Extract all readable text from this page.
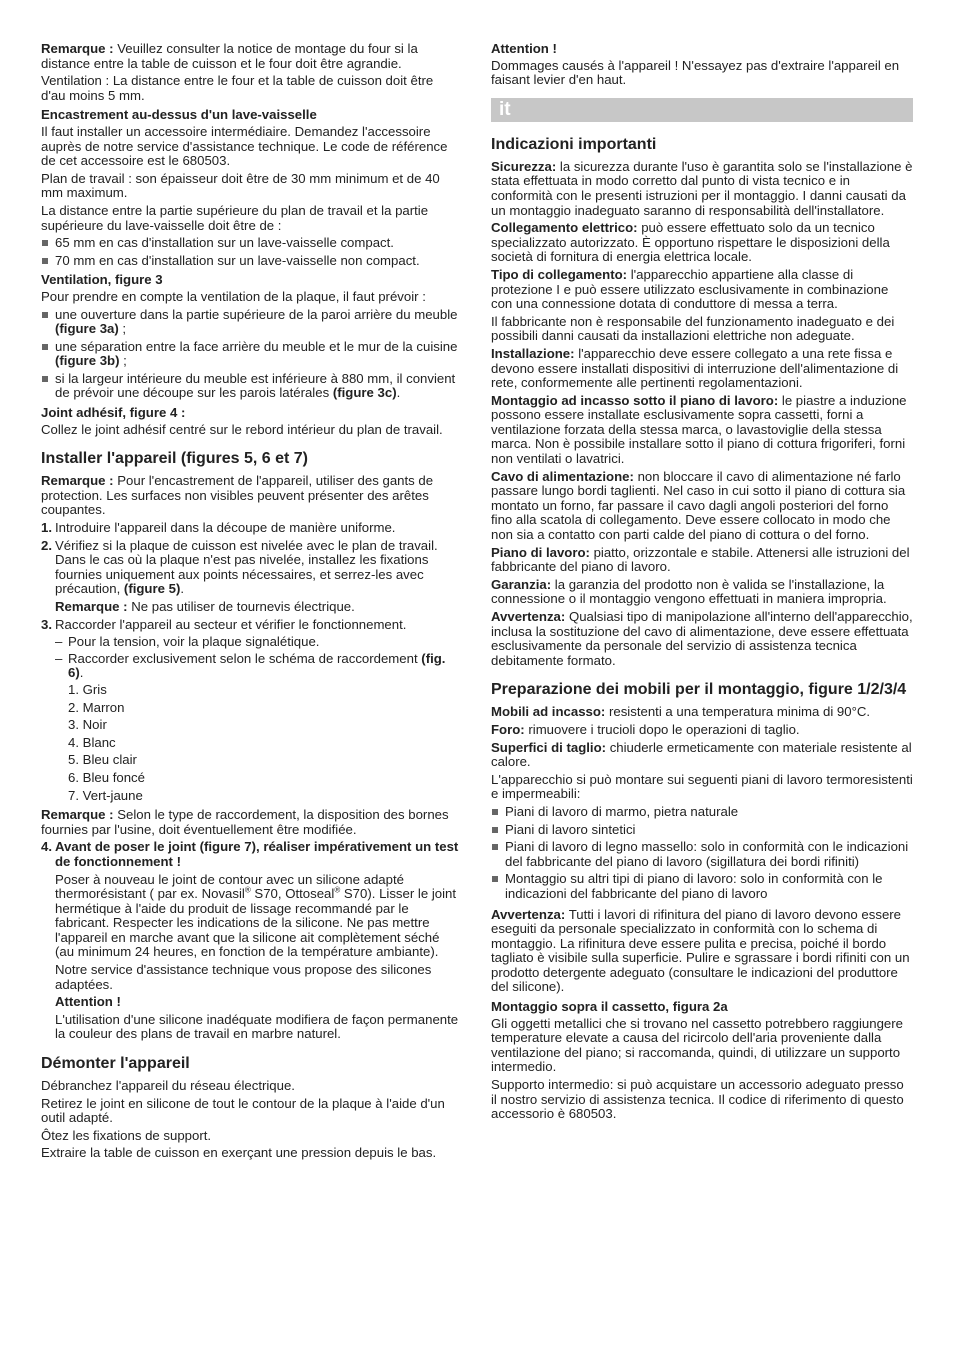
Remarque : Veuillez consulter la notice de montage du four si la distance entre la table de cuisson et le four doit être agrandie.

Ventilation : La distance entre le four et la table de cuisson doit être d'au moins 5 mm.

Encastrement au-dessus d'un lave-vaisselle

Il faut installer un accessoire intermédiaire. Demandez l'accessoire auprès de notre service d'assistance technique. Le code de référence de cet accessoire est le 680503.

Plan de travail : son épaisseur doit être de 30 mm minimum et de 40 mm maximum.

La distance entre la partie supérieure du plan de travail et la partie supérieure du lave-vaisselle doit être de :

65 mm en cas d'installation sur un lave-vaisselle compact.
70 mm en cas d'installation sur un lave-vaisselle non compact.
Ventilation, figure 3

Pour prendre en compte la ventilation de la plaque, il faut prévoir :

une ouverture dans la partie supérieure de la paroi arrière du meuble (figure 3a) ;
une séparation entre la face arrière du meuble et le mur de la cuisine (figure 3b) ;
si la largeur intérieure du meuble est inférieure à 880 mm, il convient de prévoir une découpe sur les parois latérales (figure 3c).
Joint adhésif, figure 4 :

Collez le joint adhésif centré sur le rebord intérieur du plan de travail.

Installer l'appareil (figures 5, 6 et 7)

Remarque : Pour l'encastrement de l'appareil, utiliser des gants de protection. Les surfaces non visibles peuvent présenter des arêtes coupantes.

1. Introduire l'appareil dans la découpe de manière uniforme.
2. Vérifiez si la plaque de cuisson est nivelée avec le plan de travail. Dans le cas où la plaque n'est pas nivelée, installez les fixations fournies uniquement aux points nécessaires, et serrez-les avec précaution, (figure 5).

Remarque : Ne pas utiliser de tournevis électrique.

3. Raccorder l'appareil au secteur et vérifier le fonctionnement.
– Pour la tension, voir la plaque signalétique.
– Raccorder exclusivement selon le schéma de raccordement (fig. 6).
1. Gris
2. Marron
3. Noir
4. Blanc
5. Bleu clair
6. Bleu foncé
7. Vert-jaune

Remarque : Selon le type de raccordement, la disposition des bornes fournies par l'usine, doit éventuellement être modifiée.

4. Avant de poser le joint (figure 7), réaliser impérativement un test de fonctionnement !

Poser à nouveau le joint de contour avec un silicone adapté thermorésistant ( par ex. Novasil® S70, Ottoseal® S70). Lisser le joint hermétique à l'aide du produit de lissage recommandé par le fabricant. Respecter les indications de la silicone. Ne pas mettre l'appareil en marche avant que la silicone ait complètement séché (au minimum 24 heures, en fonction de la température ambiante).

Notre service d'assistance technique vous propose des silicones adaptées.

Attention !

L'utilisation d'une silicone inadéquate modifiera de façon permanente la couleur des plans de travail en marbre naturel.

Démonter l'appareil

Débranchez l'appareil du réseau électrique.

Retirez le joint en silicone de tout le contour de la plaque à l'aide d'un outil adapté.

Ôtez les fixations de support.

Extraire la table de cuisson en exerçant une pression depuis le bas.

Attention !

Dommages causés à l'appareil ! N'essayez pas d'extraire l'appareil en faisant levier d'en haut.

it
Indicazioni importanti

Sicurezza: la sicurezza durante l'uso è garantita solo se l'installazione è stata effettuata in modo corretto dal punto di vista tecnico e in conformità con le presenti istruzioni per il montaggio. I danni causati da un montaggio inadeguato saranno di responsabilità dell'installatore.

Collegamento elettrico: può essere effettuato solo da un tecnico specializzato autorizzato. È opportuno rispettare le disposizioni della società di fornitura di energia elettrica locale.

Tipo di collegamento: l'apparecchio appartiene alla classe di protezione I e può essere utilizzato esclusivamente in combinazione con una connessione dotata di conduttore di messa a terra.

Il fabbricante non è responsabile del funzionamento inadeguato e dei possibili danni causati da installazioni elettriche non adeguate.

Installazione: l'apparecchio deve essere collegato a una rete fissa e devono essere installati dispositivi di interruzione dell'alimentazione di rete, conformemente alle pertinenti regolamentazioni.

Montaggio ad incasso sotto il piano di lavoro: le piastre a induzione possono essere installate esclusivamente sopra cassetti, forni a ventilazione forzata della stessa marca, o lavastoviglie della stessa marca. Non è possibile installare sotto il piano di cottura frigoriferi, forni non ventilati o lavatrici.

Cavo di alimentazione: non bloccare il cavo di alimentazione né farlo passare lungo bordi taglienti. Nel caso in cui sotto il piano di cottura sia montato un forno, far passare il cavo dagli angoli posteriori del forno fino alla scatola di collegamento. Deve essere collocato in modo che non sia a contatto con parti calde del piano di cottura o del forno.

Piano di lavoro: piatto, orizzontale e stabile. Attenersi alle istruzioni del fabbricante del piano di lavoro.

Garanzia: la garanzia del prodotto non è valida se l'installazione, la connessione o il montaggio vengono effettuati in maniera impropria.

Avvertenza: Qualsiasi tipo di manipolazione all'interno dell'apparecchio, inclusa la sostituzione del cavo di alimentazione, deve essere effettuata esclusivamente da personale del servizio di assistenza tecnica debitamente formato.

Preparazione dei mobili per il montaggio, figure 1/2/3/4

Mobili ad incasso: resistenti a una temperatura minima di 90°C.

Foro: rimuovere i trucioli dopo le operazioni di taglio.

Superfici di taglio: chiuderle ermeticamente con materiale resistente al calore.

L'apparecchio si può montare sui seguenti piani di lavoro termoresistenti e impermeabili:

Piani di lavoro di marmo, pietra naturale
Piani di lavoro sintetici
Piani di lavoro di legno massello: solo in conformità con le indicazioni del fabbricante del piano di lavoro (sigillatura dei bordi rifiniti)
Montaggio su altri tipi di piano di lavoro: solo in conformità con le indicazioni del fabbricante del piano di lavoro

Avvertenza: Tutti i lavori di rifinitura del piano di lavoro devono essere eseguiti da personale specializzato in conformità con lo schema di montaggio. La rifinitura deve essere pulita e precisa, poiché il bordo tagliato è visibile sulla superficie. Pulire e sgrassare i bordi rifiniti con un prodotto detergente adeguato (consultare le indicazioni del produttore del silicone).

Montaggio sopra il cassetto, figura 2a

Gli oggetti metallici che si trovano nel cassetto potrebbero raggiungere temperature elevate a causa del ricircolo dell'aria proveniente dalla ventilazione del piano; si raccomanda, quindi, di utilizzare un supporto intermedio.

Supporto intermedio: si può acquistare un accessorio adeguato presso il nostro servizio di assistenza tecnica. Il codice di riferimento di questo accessorio è 680503.
